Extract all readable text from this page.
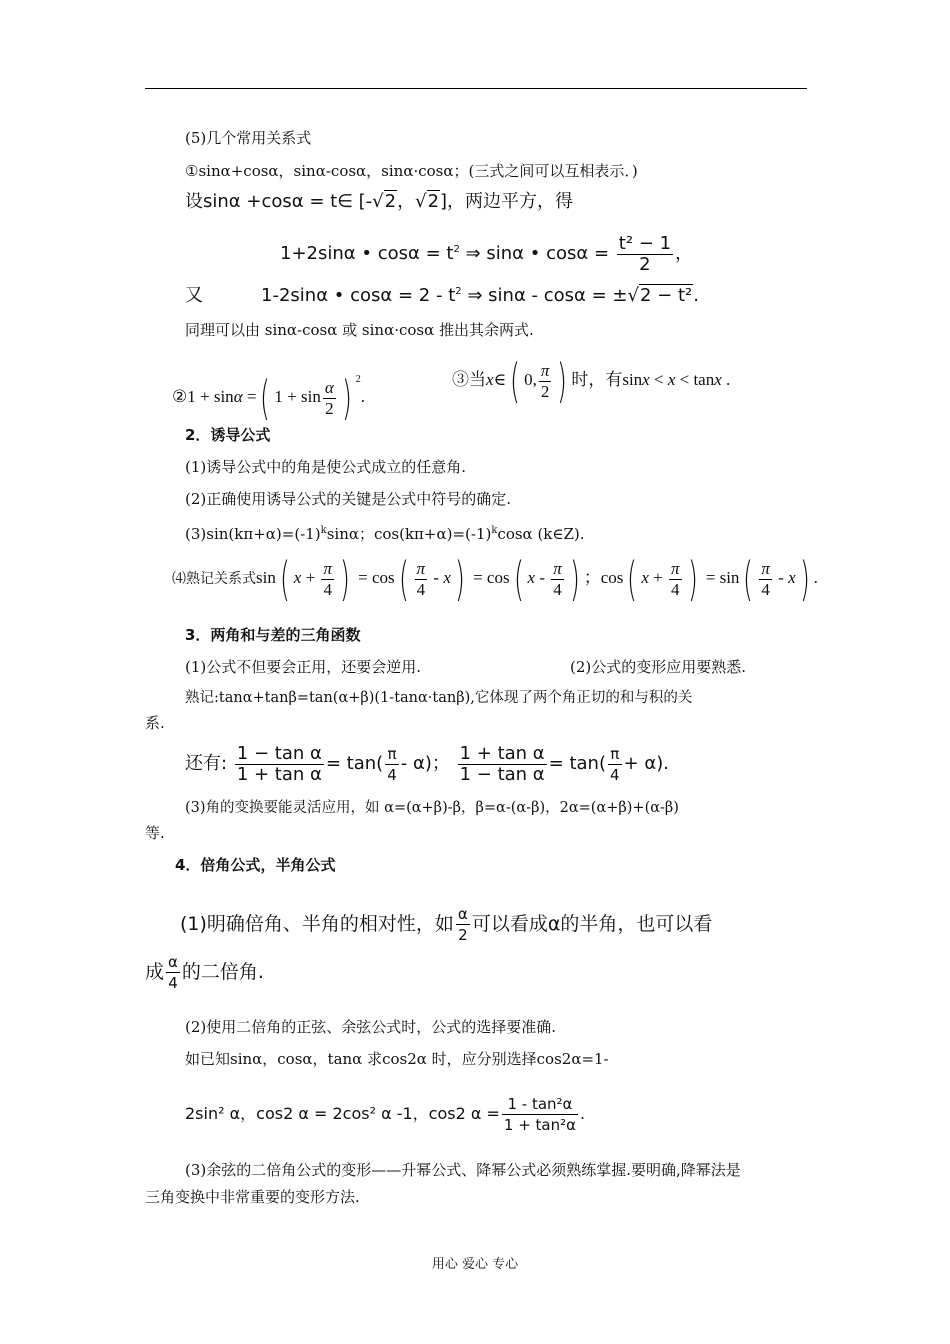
(5)几个常用关系式
①sinα+cosα，sinα-cosα，sinα·cosα；(三式之间可以互相表示．)
设sinα +cosα = t∈ [-√2，√2]，两边平方，得
1+2sinα • $\cos\alpha = t^2$ ⇒ sinα • $\cos\alpha = \frac{\text{t² − 1}}{2}$ ，
又	1-2sinα • $\cos\alpha = 2 - t^2$ ⇒ sinα - cosα = ±√2 − t².
同理可以由 sinα-cosα 或 sinα·cosα 推出其余两式.
②1 + sinα =( $1 + \sin \frac{\alpha}{2}$ ) $^2$.
③当x∈( 0, $\frac{\pi}{2}$ ) 时，有sinx < x < tanx .
2．诱导公式
(1)诱导公式中的角是使公式成立的任意角.
(2)正确使用诱导公式的关键是公式中符号的确定.
$(3)\sin(k\pi+\alpha)=(-1)^k\sin\alpha$；$\cos(k\pi+\alpha)=(-1)^k\cos\alpha$ (k∈Z).
⑷熟记关系式sin( $x + \frac{\pi}{4}$ ) = $\cos( \frac{\pi}{4} - x) = \cos$( x - $\frac{\pi}{4}$ ) ；cos( $x + \frac{\pi}{4}$ ) = $\sin( \frac{\pi}{4} - x)$ .
3．两角和与差的三角函数
(1)公式不但要会正用，还要会逆用.	(2)公式的变形应用要熟悉.
熟记:tanα+tanβ=tan(α+β)(1-tanα·tanβ),它体现了两个角正切的和与积的关
系.
还有: $\frac{\text{1 − tan α}}{\text{1 + tan α}} = \tan( \frac{\pi}{4} - \alpha)$； $\frac{\text{1 + tan α}}{\text{1 − tan α}} = \tan( \frac{\pi}{4} + \alpha)$.
(3)角的变换要能灵活应用，如 α=(α+β)-β，β=α-(α-β)，2α=(α+β)+(α-β)
等.
4．倍角公式，半角公式
(1)明确倍角、半角的相对性，如 $\frac{\alpha}{2}$ 可以看成α的半角，也可以看
成 $\frac{\alpha}{4}$ 的二倍角.
(2)使用二倍角的正弦、余弦公式时，公式的选择要准确.
如已知sinα，cosα，tanα 求cos2α 时，应分别选择cos2α=1-
2sin² α，cos2 α = 2cos² α -1，cos2 $\alpha = \frac{\text{1 - tan²α}}{\text{1 + tan²α}}$ .
(3)余弦的二倍角公式的变形——升幂公式、降幂公式必须熟练掌握.要明确,降幂法是
三角变换中非常重要的变形方法.
用心 爱心 专心
